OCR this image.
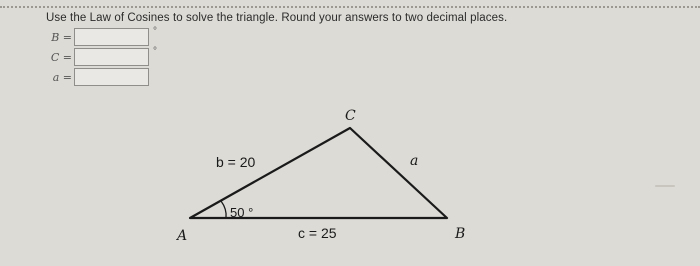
Use the Law of Cosines to solve the triangle. Round your answers to two decimal places.
B =	°
C =	°
a =
A
C
B
a
b = 20
c = 25
50 °
